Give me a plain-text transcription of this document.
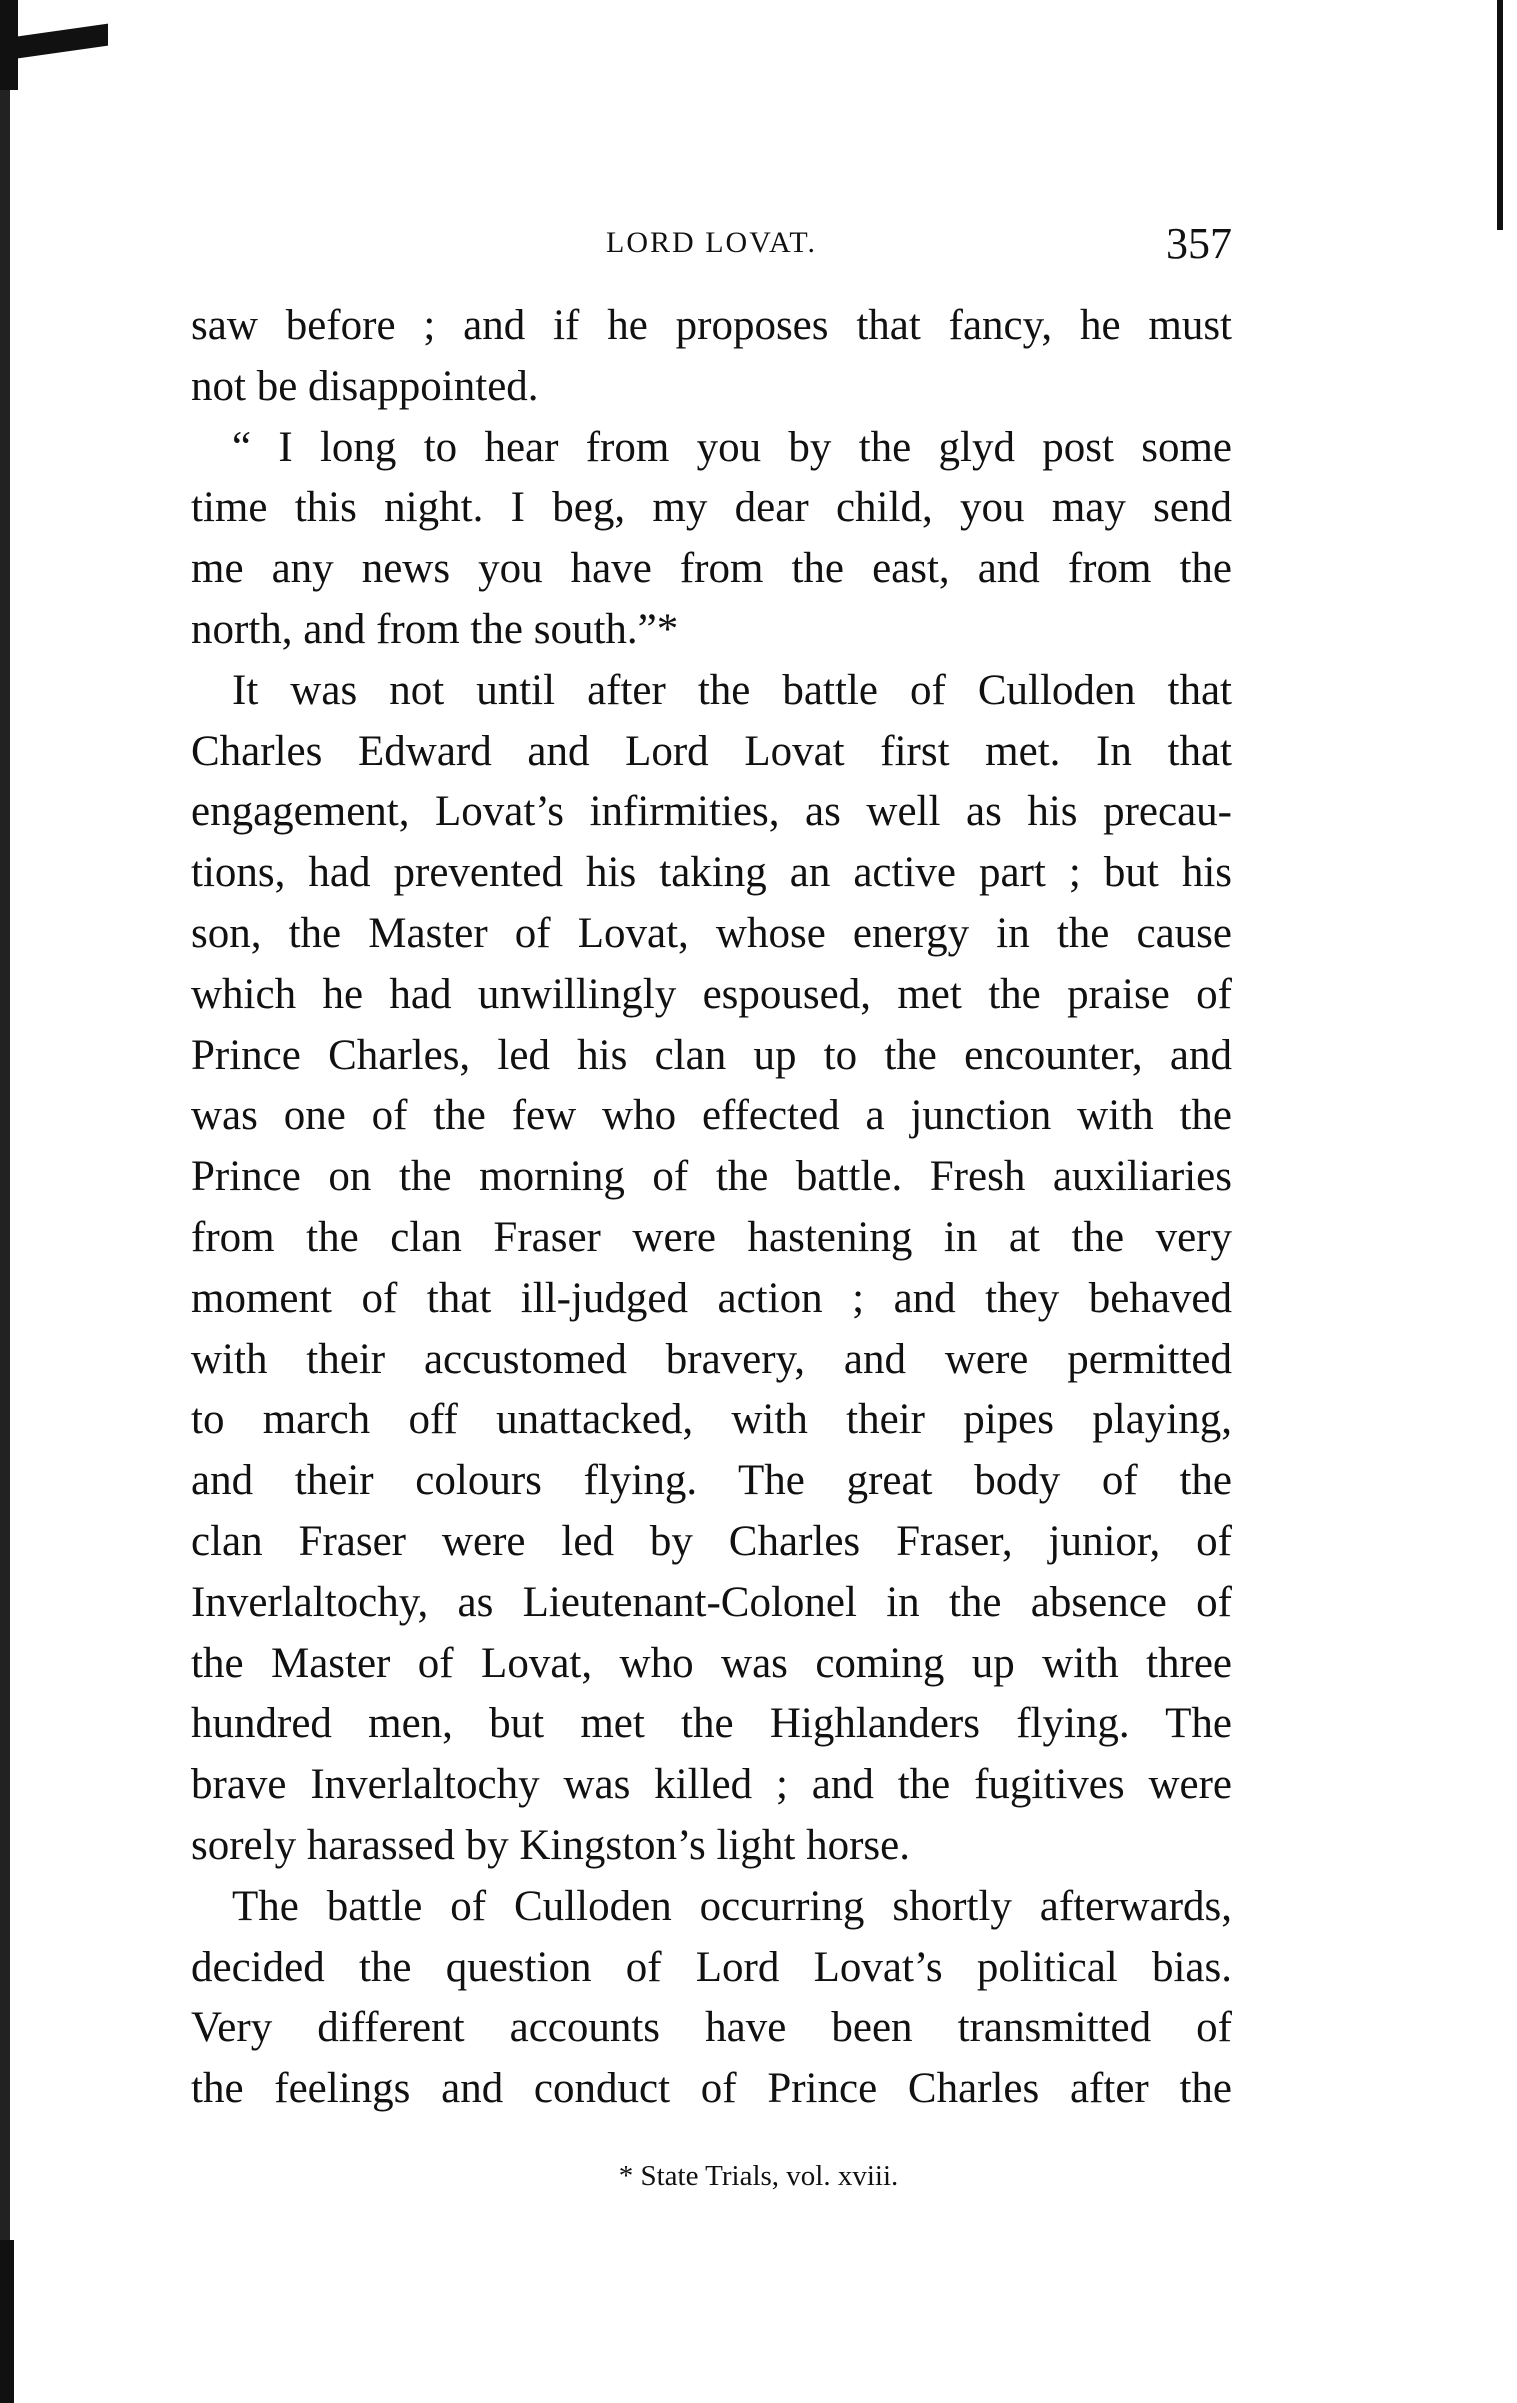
LORD LOVAT.	357
saw before ; and if he proposes that fancy, he must
not be disappointed.
“ I long to hear from you by the glyd post some
time this night. I beg, my dear child, you may send
me any news you have from the east, and from the
north, and from the south.”*
It was not until after the battle of Culloden that
Charles Edward and Lord Lovat first met. In that
engagement, Lovat’s infirmities, as well as his precau-
tions, had prevented his taking an active part ; but his
son, the Master of Lovat, whose energy in the cause
which he had unwillingly espoused, met the praise of
Prince Charles, led his clan up to the encounter, and
was one of the few who effected a junction with the
Prince on the morning of the battle. Fresh auxiliaries
from the clan Fraser were hastening in at the very
moment of that ill-judged action ; and they behaved
with their accustomed bravery, and were permitted
to march off unattacked, with their pipes playing,
and their colours flying. The great body of the
clan Fraser were led by Charles Fraser, junior, of
Inverlaltochy, as Lieutenant-Colonel in the absence of
the Master of Lovat, who was coming up with three
hundred men, but met the Highlanders flying. The
brave Inverlaltochy was killed ; and the fugitives were
sorely harassed by Kingston’s light horse.
The battle of Culloden occurring shortly afterwards,
decided the question of Lord Lovat’s political bias.
Very different accounts have been transmitted of
the feelings and conduct of Prince Charles after the
* State Trials, vol. xviii.
